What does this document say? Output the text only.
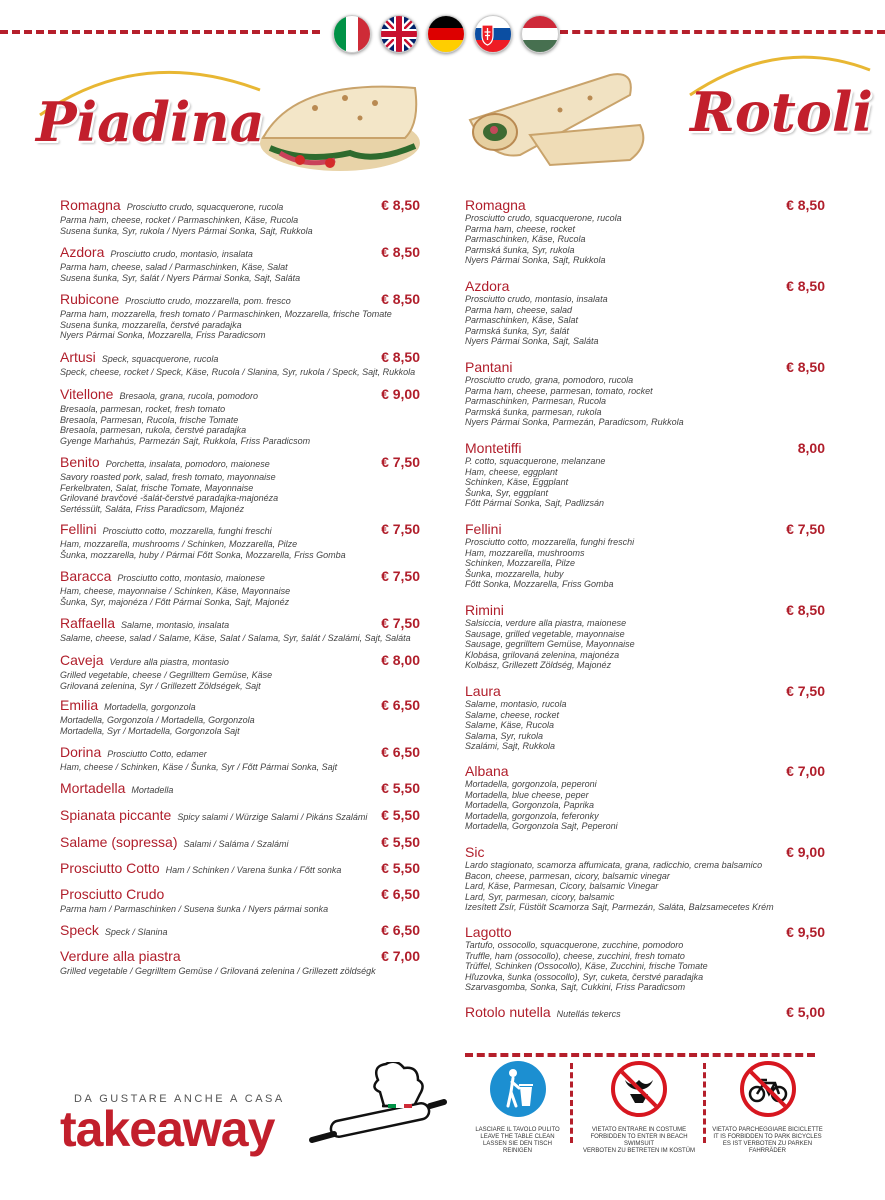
Piadina	Rotoli
Romagna Prosciutto crudo, squacquerone, rucola
Parma ham, cheese, rocket / Parmaschinken, Käse, Rucola
Susena šunka, Syr, rukola / Nyers Pármai Sonka, Sajt, Rukkola
€ 8,50
Azdora Prosciutto crudo, montasio, insalata
Parma ham, cheese, salad / Parmaschinken, Käse, Salat
Susena šunka, Syr, šalát / Nyers Pármai Sonka, Sajt, Saláta
€ 8,50
Rubicone Prosciutto crudo, mozzarella, pom. fresco
Parma ham, mozzarella, fresh tomato / Parmaschinken, Mozzarella, frische Tomate
Susena šunka, mozzarella, čerstvé paradajka
Nyers Pármai Sonka, Mozzarella, Friss Paradicsom
€ 8,50
Artusi Speck, squacquerone, rucola
Speck, cheese, rocket / Speck, Käse, Rucola / Slanina, Syr, rukola / Speck, Sajt, Rukkola
€ 8,50
Vitellone Bresaola, grana, rucola, pomodoro
Bresaola, parmesan, rocket, fresh tomato
Bresaola, Parmesan, Rucola, frische Tomate
Bresaola, parmesan, rukola, čerstvé paradajka
Gyenge Marhahús, Parmezán Sajt, Rukkola, Friss Paradicsom
€ 9,00
Benito Porchetta, insalata, pomodoro, maionese
Savory roasted pork, salad, fresh tomato, mayonnaise
Ferkelbraten, Salat, frische Tomate, Mayonnaise
Grilované bravčové -šalát-čerstvé paradajka-majonéza
Sertéssült, Saláta, Friss Paradicsom, Majonéz
€ 7,50
Fellini Prosciutto cotto, mozzarella, funghi freschi
Ham, mozzarella, mushrooms / Schinken, Mozzarella, Pilze
Šunka, mozzarella, huby / Pármai Főtt Sonka, Mozzarella, Friss Gomba
€ 7,50
Baracca Prosciutto cotto, montasio, maionese
Ham, cheese, mayonnaise / Schinken, Käse, Mayonnaise
Šunka, Syr, majonéza / Főtt Pármai Sonka, Sajt, Majonéz
€ 7,50
Raffaella Salame, montasio, insalata
Salame, cheese, salad / Salame, Käse, Salat / Salama, Syr, šalát / Szalámi, Sajt, Saláta
€ 7,50
Caveja Verdure alla piastra, montasio
Grilled vegetable, cheese / Gegrilltem Gemüse, Käse
Grilovaná zelenina, Syr / Grillezett Zöldségek, Sajt
€ 8,00
Emilia Mortadella, gorgonzola
Mortadella, Gorgonzola / Mortadella, Gorgonzola
Mortadella, Syr / Mortadella, Gorgonzola Sajt
€ 6,50
Dorina Prosciutto Cotto, edamer
Ham, cheese / Schinken, Käse / Šunka, Syr / Főtt Pármai Sonka, Sajt
€ 6,50
Mortadella Mortadella	€ 5,50
Spianata piccante Spicy salami / Würzige Salami / Pikáns Szalámi € 5,50
Salame (sopressa) Salami / Saláma / Szalámi	€ 5,50
Prosciutto Cotto Ham / Schinken / Varena šunka / Főtt sonka	€ 5,50
Prosciutto Crudo
Parma ham / Parmaschinken / Susena šunka / Nyers pármai sonka
€ 6,50
Speck Speck / Slanina	€ 6,50
Verdure alla piastra
Grilled vegetable / Gegrilltem Gemüse / Grilovaná zelenina / Grillezett zöldségk
€ 7,00
Romagna
Prosciutto crudo, squacquerone, rucola
Parma ham, cheese, rocket
Parmaschinken, Käse, Rucola
Parmská šunka, Syr, rukola
Nyers Pármai Sonka, Sajt, Rukkola
€ 8,50
Azdora
Prosciutto crudo, montasio, insalata
Parma ham, cheese, salad
Parmaschinken, Käse, Salat
Parmská šunka, Syr, šalát
Nyers Pármai Sonka, Sajt, Saláta
€ 8,50
Pantani
Prosciutto crudo, grana, pomodoro, rucola
Parma ham, cheese, parmesan, tomato, rocket
Parmaschinken, Parmesan, Rucola
Parmská šunka, parmesan, rukola
Nyers Pármai Sonka, Parmezán, Paradicsom, Rukkola
€ 8,50
Montetiffi
P. cotto, squacquerone, melanzane
Ham, cheese, eggplant
Schinken, Käse, Eggplant
Šunka, Syr, eggplant
Főtt Pármai Sonka, Sajt, Padlizsán
8,00
Fellini
Prosciutto cotto, mozzarella, funghi freschi
Ham, mozzarella, mushrooms
Schinken, Mozzarella, Pilze
Šunka, mozzarella, huby
Főtt Sonka, Mozzarella, Friss Gomba
€ 7,50
Rimini
Salsiccia, verdure alla piastra, maionese
Sausage, grilled vegetable, mayonnaise
Sausage, gegrilltem Gemüse, Mayonnaise
Klobása, grilovaná zelenina, majonéza
Kolbász, Grillezett Zöldség, Majonéz
€ 8,50
Laura
Salame, montasio, rucola
Salame, cheese, rocket
Salame, Käse, Rucola
Salama, Syr, rukola
Szalámi, Sajt, Rukkola
€ 7,50
Albana
Mortadella, gorgonzola, peperoni
Mortadella, blue cheese, peper
Mortadella, Gorgonzola, Paprika
Mortadella, gorgonzola, feferonky
Mortadella, Gorgonzola Sajt, Peperoni
€ 7,00
Sic
Lardo stagionato, scamorza affumicata, grana, radicchio, crema balsamico
Bacon, cheese, parmesan, cicory, balsamic vinegar
Lard, Käse, Parmesan, Cicory, balsamic Vinegar
Lard, Syr, parmesan, cicory, balsamic
Izesített Zsír, Füstölt Scamorza Sajt, Parmezán, Saláta, Balzsamecetes Krém
€ 9,00
Lagotto
Tartufo, ossocollo, squacquerone, zucchine, pomodoro
Truffle, ham (ossocollo), cheese, zucchini, fresh tomato
Trüffel, Schinken (Ossocollo), Käse, Zucchini, frische Tomate
Hľuzovka, šunka (ossocollo), Syr, cuketa, čerstvé paradajka
Szarvasgomba, Sonka, Sajt, Cukkini, Friss Paradicsom
€ 9,50
Rotolo nutella Nutellás tekercs	€ 5,00
LASCIARE IL TAVOLO PULITO
LEAVE THE TABLE CLEAN
LASSEN SIE DEN TISCH REINIGEN
VIETATO ENTRARE IN COSTUME
FORBIDDEN TO ENTER IN BEACH SWIMSUIT
VERBOTEN ZU BETRETEN IM KOSTÜM
VIETATO PARCHEGGIARE BICICLETTE
IT IS FORBIDDEN TO PARK BICYCLES
ES IST VERBOTEN ZU PARKEN FAHRRÄDER
DA GUSTARE ANCHE A CASA
takeaway
